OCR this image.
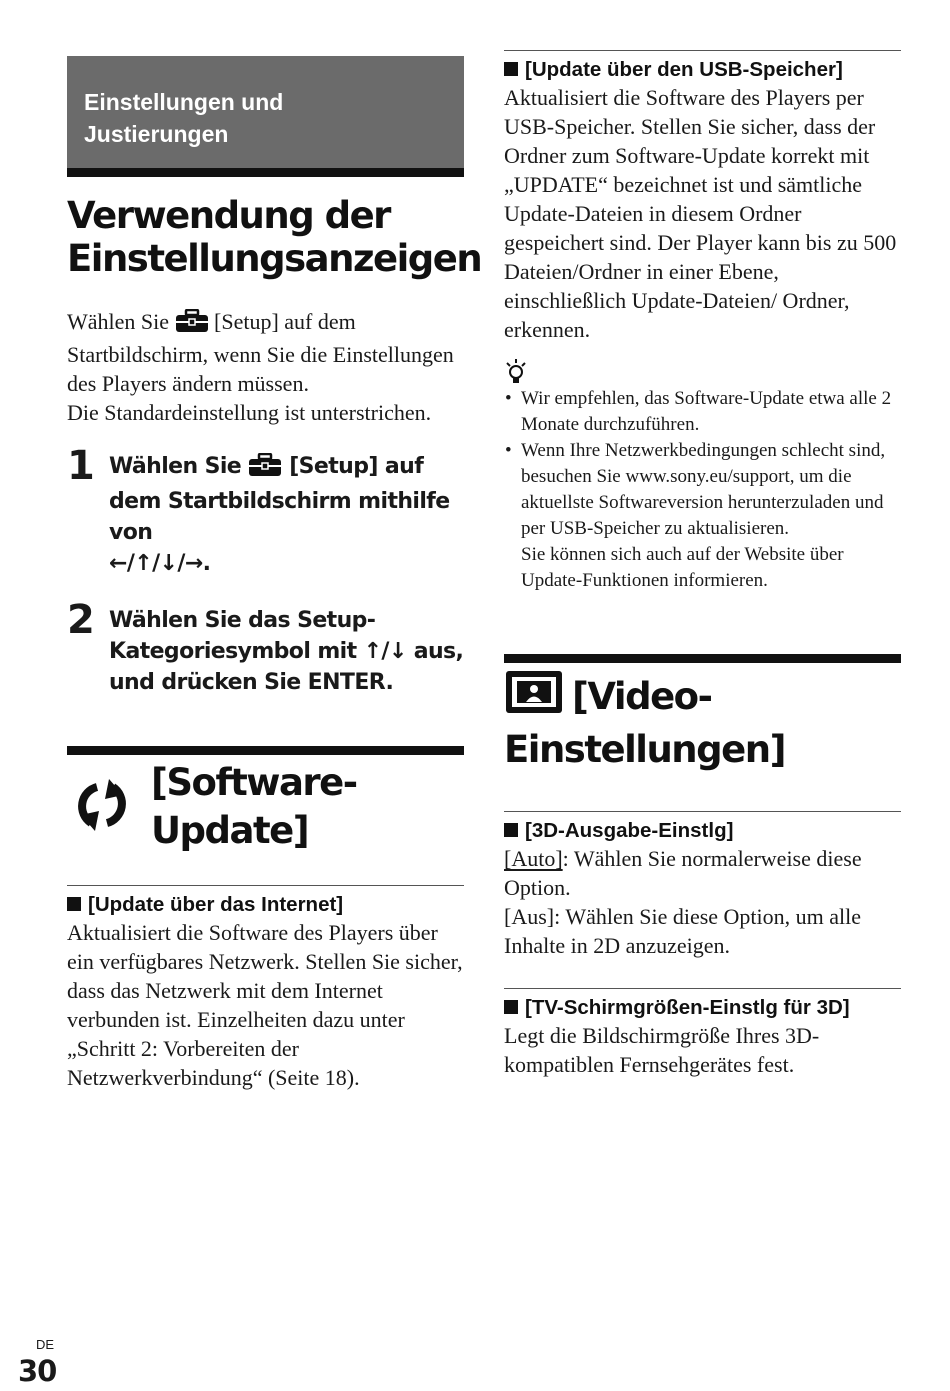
Einstellungen und
Justierungen
Verwendung der
Einstellungsanzeigen

Wählen Sie [Setup] auf dem Startbildschirm, wenn Sie die Einstellungen des Players ändern müssen.
Die Standardeinstellung ist unterstrichen.

1 Wählen Sie [Setup] auf dem Startbildschirm mithilfe von
←/↑/↓/→.
2 Wählen Sie das Setup-Kategoriesymbol mit ↑/↓ aus, und drücken Sie ENTER.
[Software-Update]
[Update über das Internet]

Aktualisiert die Software des Players über ein verfügbares Netzwerk. Stellen Sie sicher, dass das Netzwerk mit dem Internet verbunden ist. Einzelheiten dazu unter „Schritt 2: Vorbereiten der Netzwerkverbindung“ (Seite 18).

[Update über den USB-Speicher]

Aktualisiert die Software des Players per USB-Speicher. Stellen Sie sicher, dass der Ordner zum Software-Update korrekt mit „UPDATE“ bezeichnet ist und sämtliche Update-Dateien in diesem Ordner gespeichert sind. Der Player kann bis zu 500 Dateien/Ordner in einer Ebene, einschließlich Update-Dateien/ Ordner, erkennen.

• Wir empfehlen, das Software-Update etwa alle 2 Monate durchzuführen.
• Wenn Ihre Netzwerkbedingungen schlecht sind, besuchen Sie www.sony.eu/support, um die aktuellste Softwareversion herunterzuladen und per USB-Speicher zu aktualisieren.
Sie können sich auch auf der Website über Update-Funktionen informieren.
[Video-
Einstellungen]
[3D-Ausgabe-Einstlg]

[Auto]: Wählen Sie normalerweise diese Option.
[Aus]: Wählen Sie diese Option, um alle Inhalte in 2D anzuzeigen.

[TV-Schirmgrößen-Einstlg für 3D]

Legt die Bildschirmgröße Ihres 3D-kompatiblen Fernsehgerätes fest.

DE
30
